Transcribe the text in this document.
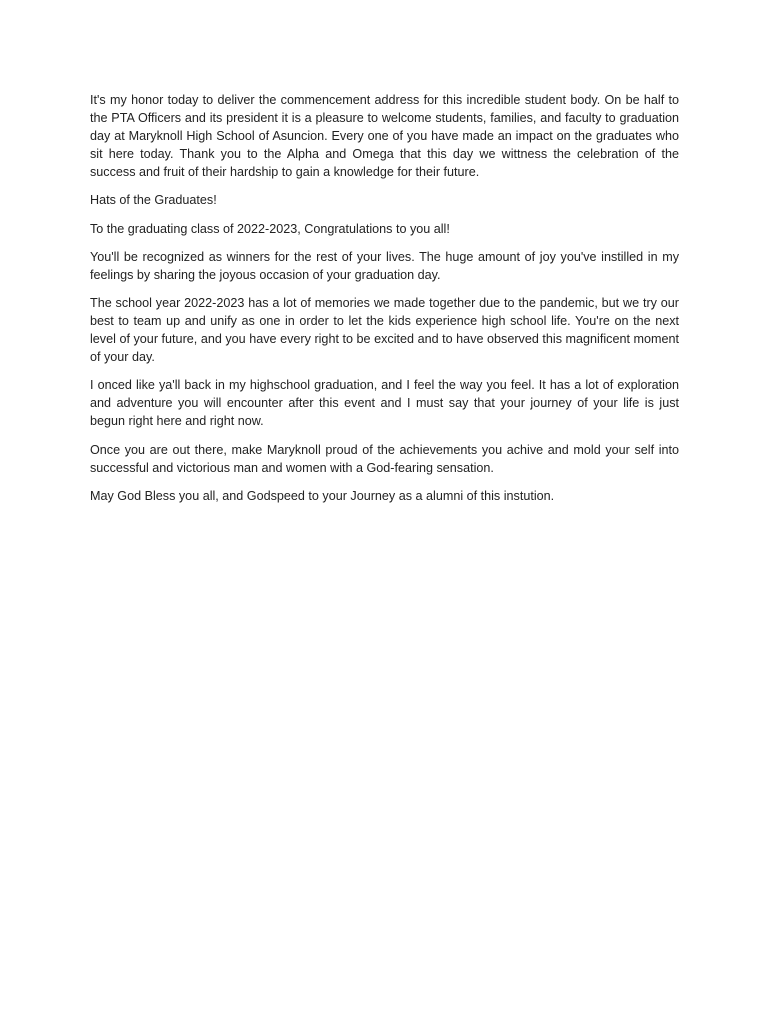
It's my honor today to deliver the commencement address for this incredible student body. On be half to the PTA Officers and its president it is a pleasure to welcome students, families, and faculty to graduation day at Maryknoll High School of Asuncion. Every one of you have made an impact on the graduates who sit here today. Thank you to the Alpha and Omega that this day we wittness the celebration of the success and fruit of their hardship to gain a knowledge for their future.

Hats of the Graduates!

To the graduating class of 2022-2023, Congratulations to you all!

You'll be recognized as winners for the rest of your lives. The huge amount of joy you've instilled in my feelings by sharing the joyous occasion of your graduation day.

The school year 2022-2023 has a lot of memories we made together due to the pandemic, but we try our best to team up and unify as one in order to let the kids experience high school life. You're on the next level of your future, and you have every right to be excited and to have observed this magnificent moment of your day.

I onced like ya'll back in my highschool graduation, and I feel the way you feel. It has a lot of exploration and adventure you will encounter after this event and I must say that your journey of your life is just begun right here and right now.

Once you are out there, make Maryknoll proud of the achievements you achive and mold your self into successful and victorious man and women with a God-fearing sensation.

May God Bless you all, and Godspeed to your Journey as a alumni of this instution.
